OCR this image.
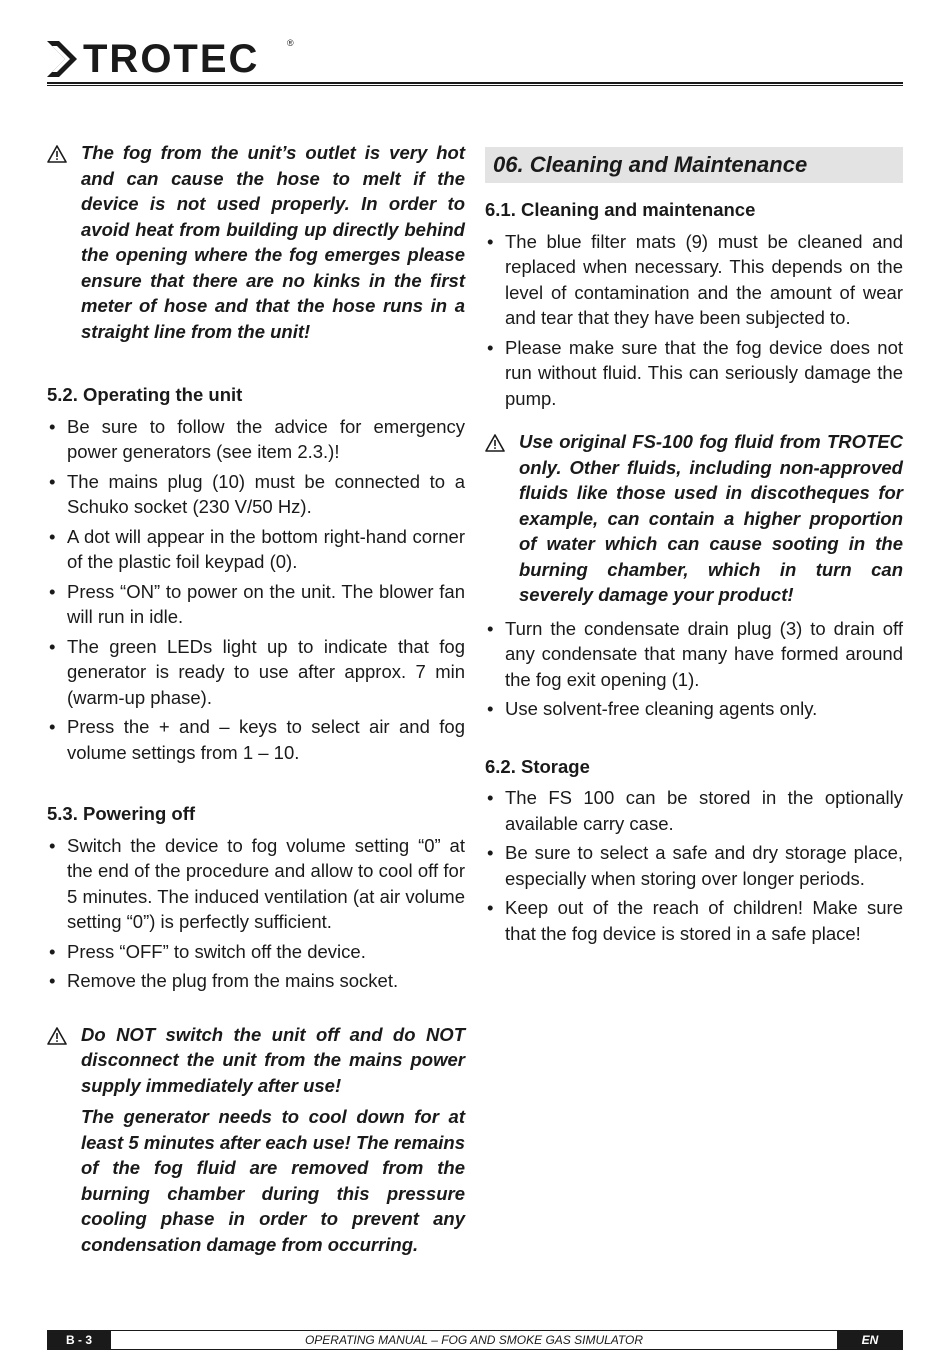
TROTEC	®

The fog from the unit’s outlet is very hot and can cause the hose to melt if the device is not used properly. In order to avoid heat from building up directly behind the opening where the fog emerges please ensure that there are no kinks in the first meter of hose and that the hose runs in a straight line from the unit!

5.2. Operating the unit
• Be sure to follow the advice for emergency power generators (see item 2.3.)!
• The mains plug (10) must be connected to a Schuko socket (230 V/50 Hz).
• A dot will appear in the bottom right-hand corner of the plastic foil keypad (0).
• Press “ON” to power on the unit. The blower fan will run in idle.
• The green LEDs light up to indicate that fog generator is ready to use after approx. 7 min (warm-up phase).
• Press the + and – keys to select air and fog volume settings from 1 – 10.
5.3. Powering off
• Switch the device to fog volume setting “0” at the end of the procedure and allow to cool off for 5 minutes. The induced ventilation (at air volume setting “0”) is perfectly sufficient.
• Press “OFF” to switch off the device.
• Remove the plug from the mains socket.

Do NOT switch the unit off and do NOT disconnect the unit from the mains power supply immediately after use!

The generator needs to cool down for at least 5 minutes after each use! The remains of the fog fluid are removed from the burning chamber during this pressure cooling phase in order to prevent any condensation damage from occurring.

06. Cleaning and Maintenance
6.1. Cleaning and maintenance
• The blue filter mats (9) must be cleaned and replaced when necessary. This depends on the level of contamination and the amount of wear and tear that they have been subjected to.
• Please make sure that the fog device does not run without fluid. This can seriously damage the pump.

Use original FS-100 fog fluid from TROTEC only. Other fluids, including non-approved fluids like those used in discotheques for example, can contain a higher proportion of water which can cause sooting in the burning chamber, which in turn can severely damage your product!

• Turn the condensate drain plug (3) to drain off any condensate that many have formed around the fog exit opening (1).
• Use solvent-free cleaning agents only.
6.2. Storage
• The FS 100 can be stored in the optionally available carry case.
• Be sure to select a safe and dry storage place, especially when storing over longer periods.
• Keep out of the reach of children! Make sure that the fog device is stored in a safe place!
B - 3	OPERATING MANUAL – FOG AND SMOKE GAS SIMULATOR	EN
